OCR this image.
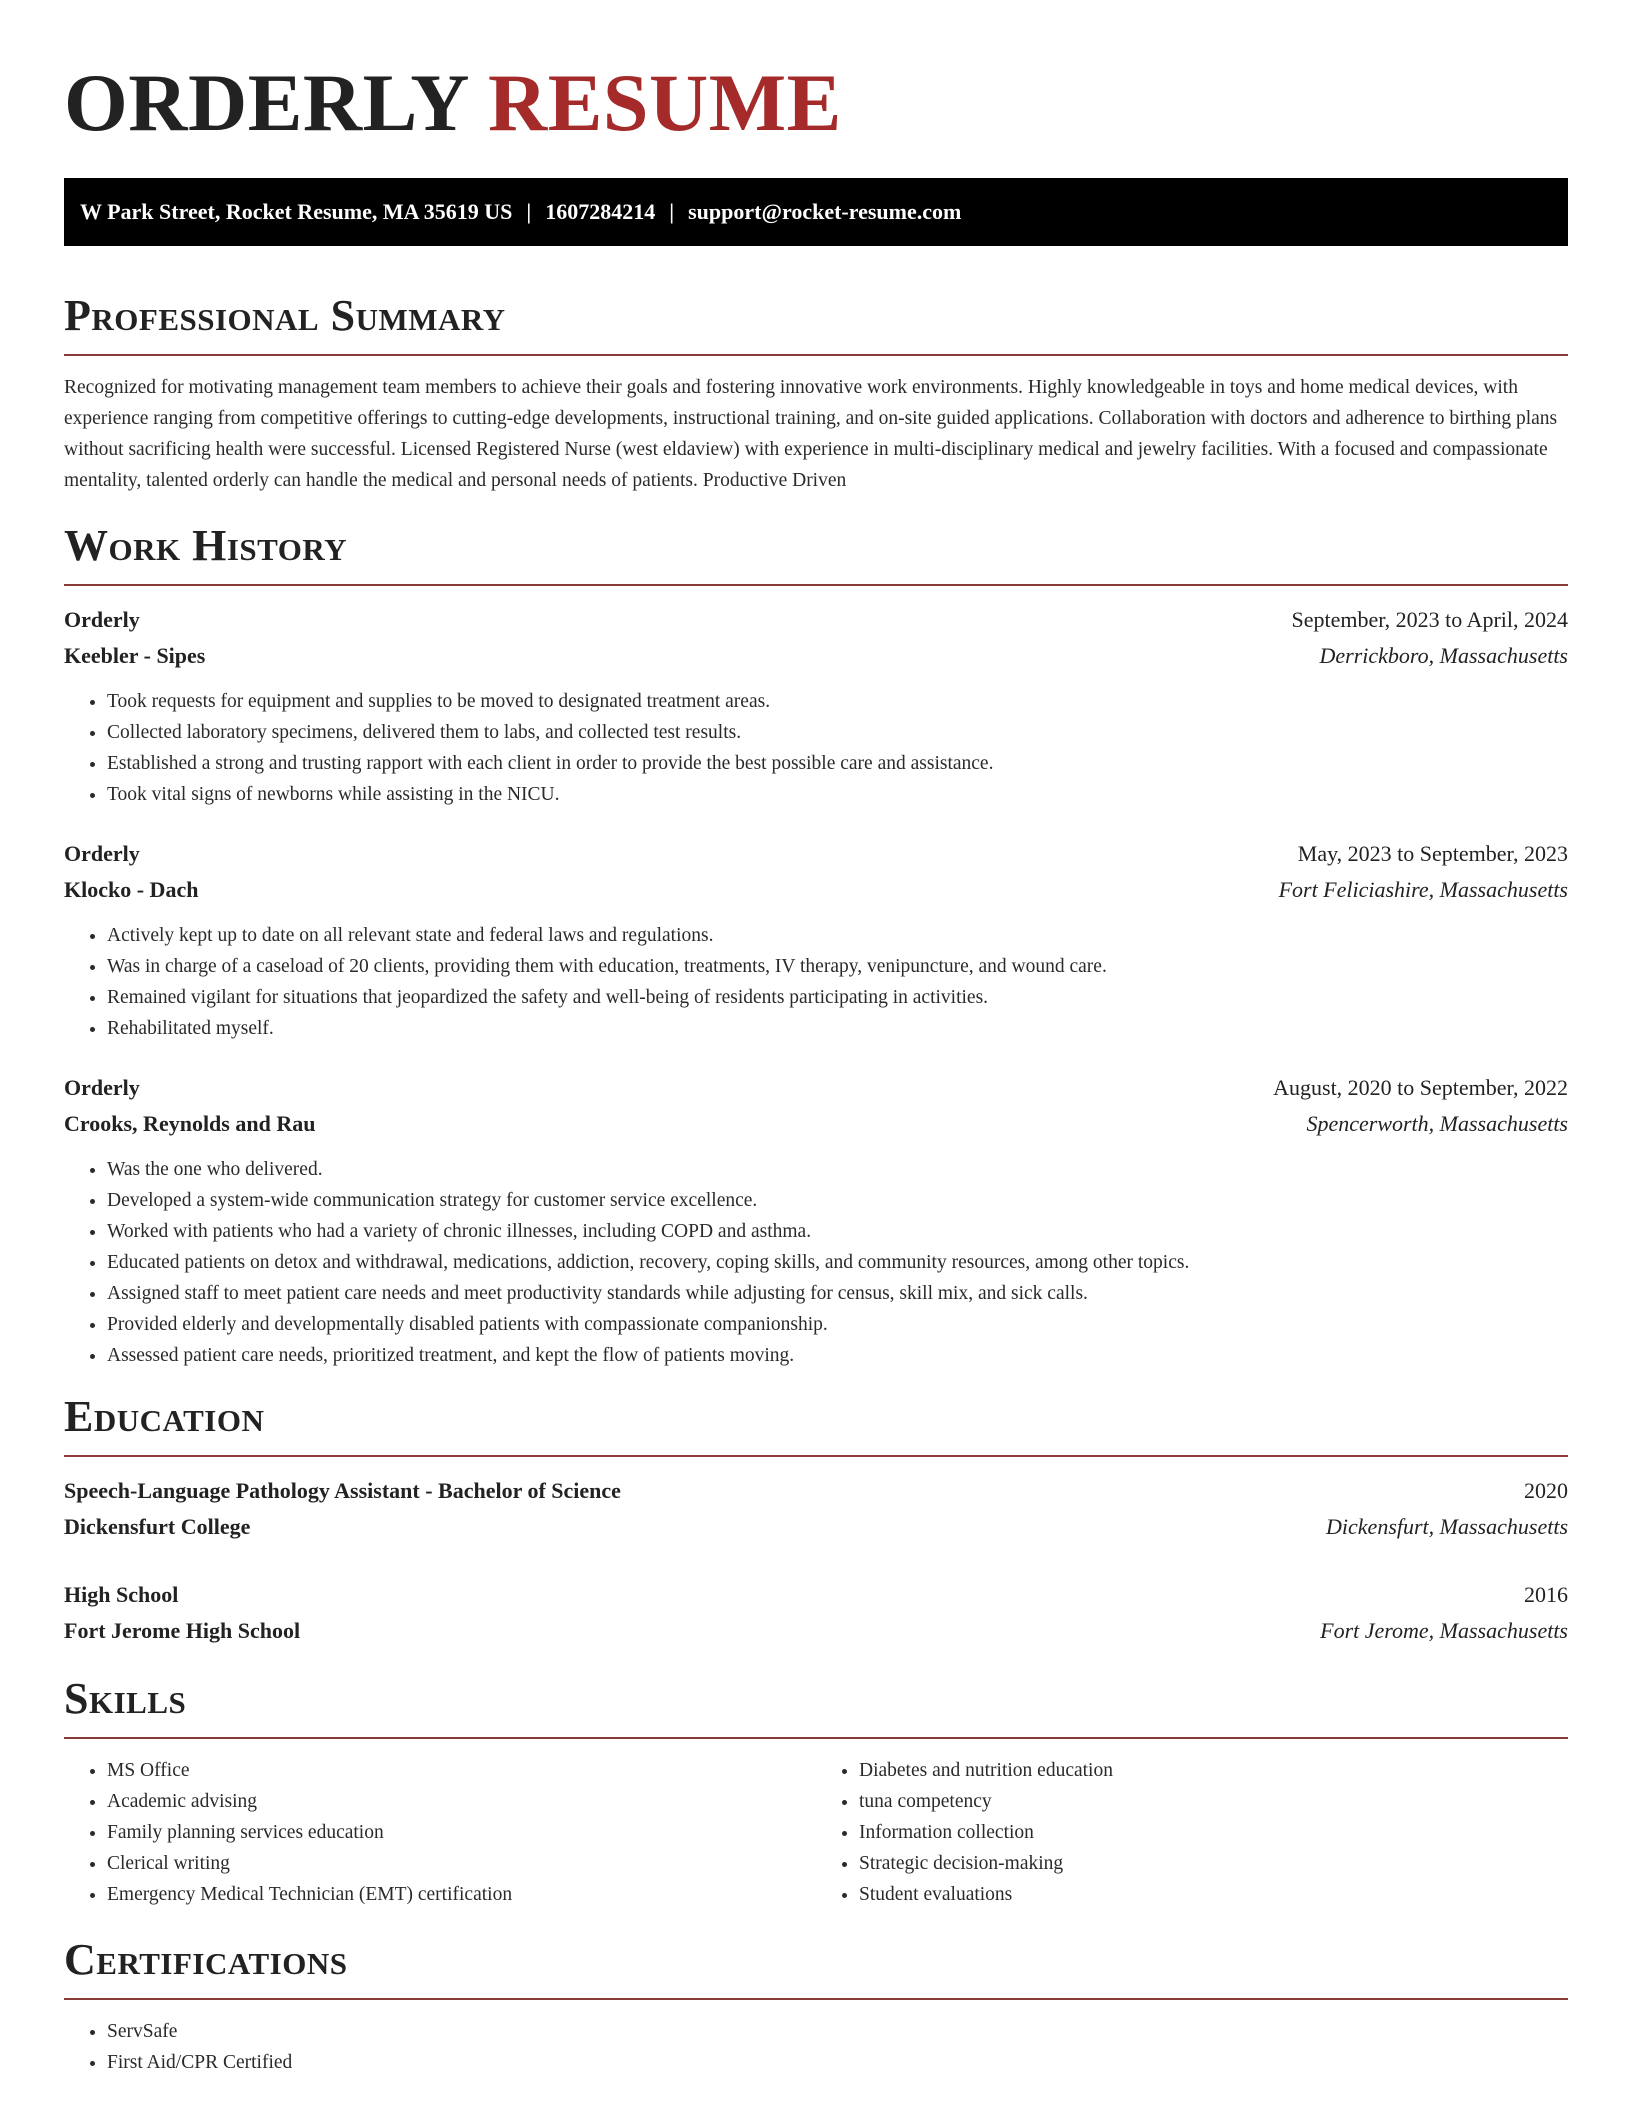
ORDERLY RESUME
W Park Street, Rocket Resume, MA 35619 US | 1607284214 | support@rocket-resume.com
Professional Summary

Recognized for motivating management team members to achieve their goals and fostering innovative work environments. Highly knowledgeable in toys and home medical devices, with experience ranging from competitive offerings to cutting-edge developments, instructional training, and on-site guided applications. Collaboration with doctors and adherence to birthing plans without sacrificing health were successful. Licensed Registered Nurse (west eldaview) with experience in multi-disciplinary medical and jewelry facilities. With a focused and compassionate mentality, talented orderly can handle the medical and personal needs of patients. Productive Driven

Work History
Orderly	September, 2023 to April, 2024
Keebler - Sipes	Derrickboro, Massachusetts
• Took requests for equipment and supplies to be moved to designated treatment areas.
• Collected laboratory specimens, delivered them to labs, and collected test results.
• Established a strong and trusting rapport with each client in order to provide the best possible care and assistance.
• Took vital signs of newborns while assisting in the NICU.
Orderly	May, 2023 to September, 2023
Klocko - Dach	Fort Feliciashire, Massachusetts
• Actively kept up to date on all relevant state and federal laws and regulations.
• Was in charge of a caseload of 20 clients, providing them with education, treatments, IV therapy, venipuncture, and wound care.
• Remained vigilant for situations that jeopardized the safety and well-being of residents participating in activities.
• Rehabilitated myself.
Orderly	August, 2020 to September, 2022
Crooks, Reynolds and Rau	Spencerworth, Massachusetts
• Was the one who delivered.
• Developed a system-wide communication strategy for customer service excellence.
• Worked with patients who had a variety of chronic illnesses, including COPD and asthma.
• Educated patients on detox and withdrawal, medications, addiction, recovery, coping skills, and community resources, among other topics.
• Assigned staff to meet patient care needs and meet productivity standards while adjusting for census, skill mix, and sick calls.
• Provided elderly and developmentally disabled patients with compassionate companionship.
• Assessed patient care needs, prioritized treatment, and kept the flow of patients moving.
Education
Speech-Language Pathology Assistant - Bachelor of Science	2020
Dickensfurt College	Dickensfurt, Massachusetts
High School	2016
Fort Jerome High School	Fort Jerome, Massachusetts
Skills
• MS Office
• Academic advising
• Family planning services education
• Clerical writing
• Emergency Medical Technician (EMT) certification
• Diabetes and nutrition education
• tuna competency
• Information collection
• Strategic decision-making
• Student evaluations
Certifications
• ServSafe
• First Aid/CPR Certified
